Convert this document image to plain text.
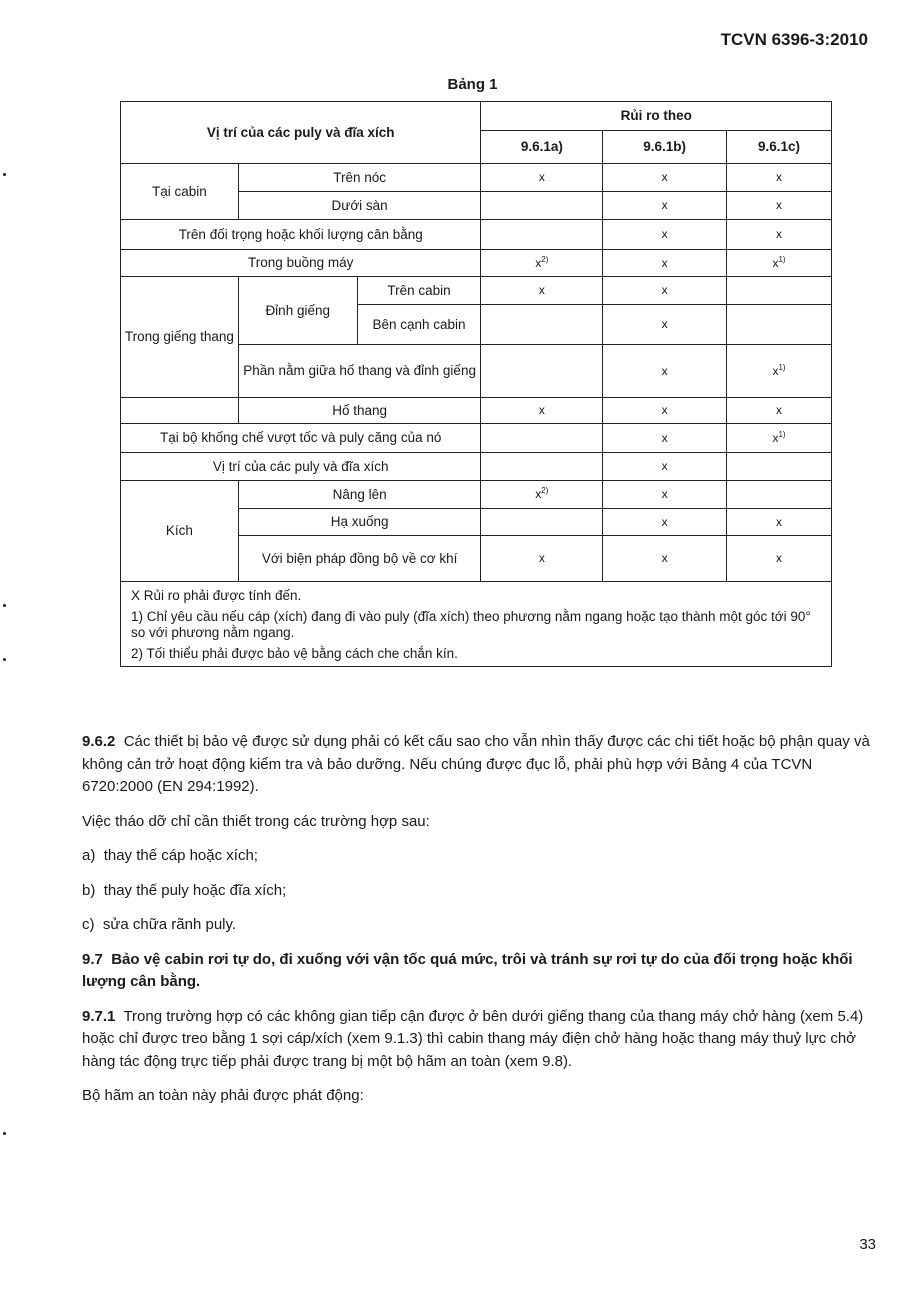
TCVN 6396-3:2010
Bảng 1
Vị trí của các puly và đĩa xích			Rủi ro theo		
			9.6.1a)	9.6.1b)	9.6.1c)
Tại cabin	Trên nóc		x	x	x
	Dưới sàn			x	x
Trên đối trọng hoặc khối lượng cân bằng				x	x
Trong buồng máy			$x^{2)}$	x	$x^{1)}$
Trong giếng thang	Đỉnh giếng	Trên cabin	x	x	
		Bên cạnh cabin		x	
	Phần nằm giữa hố thang và đỉnh giếng			x	$x^{1)}$
	Hố thang		x	x	x
Tại bộ khống chế vượt tốc và puly căng của nó				x	$x^{1)}$
Vị trí của các puly và đĩa xích				x	
Kích	Nâng lên		$x^{2)}$	x	
	Hạ xuống			x	x
	Với biện pháp đồng bộ về cơ khí		x	x	x

X Rủi ro phải được tính đến.
1) Chỉ yêu cầu nếu cáp (xích) đang đi vào puly (đĩa xích) theo phương nằm ngang hoặc tạo thành một góc tới 90° so với phương nằm ngang.
2) Tối thiểu phải được bảo vệ bằng cách che chắn kín.					

9.6.2 Các thiết bị bảo vệ được sử dụng phải có kết cấu sao cho vẫn nhìn thấy được các chi tiết hoặc bộ phận quay và không cản trở hoạt động kiểm tra và bảo dưỡng. Nếu chúng được đục lỗ, phải phù hợp với Bảng 4 của TCVN 6720:2000 (EN 294:1992).

Việc tháo dỡ chỉ cần thiết trong các trường hợp sau:

a) thay thế cáp hoặc xích;
b) thay thế puly hoặc đĩa xích;
c) sửa chữa rãnh puly.
9.7 Bảo vệ cabin rơi tự do, đi xuống với vận tốc quá mức, trôi và tránh sự rơi tự do của đối trọng hoặc khối lượng cân bằng.

9.7.1 Trong trường hợp có các không gian tiếp cận được ở bên dưới giếng thang của thang máy chở hàng (xem 5.4) hoặc chỉ được treo bằng 1 sợi cáp/xích (xem 9.1.3) thì cabin thang máy điện chở hàng hoặc thang máy thuỷ lực chở hàng tác động trực tiếp phải được trang bị một bộ hãm an toàn (xem 9.8).

Bộ hãm an toàn này phải được phát động:

33
